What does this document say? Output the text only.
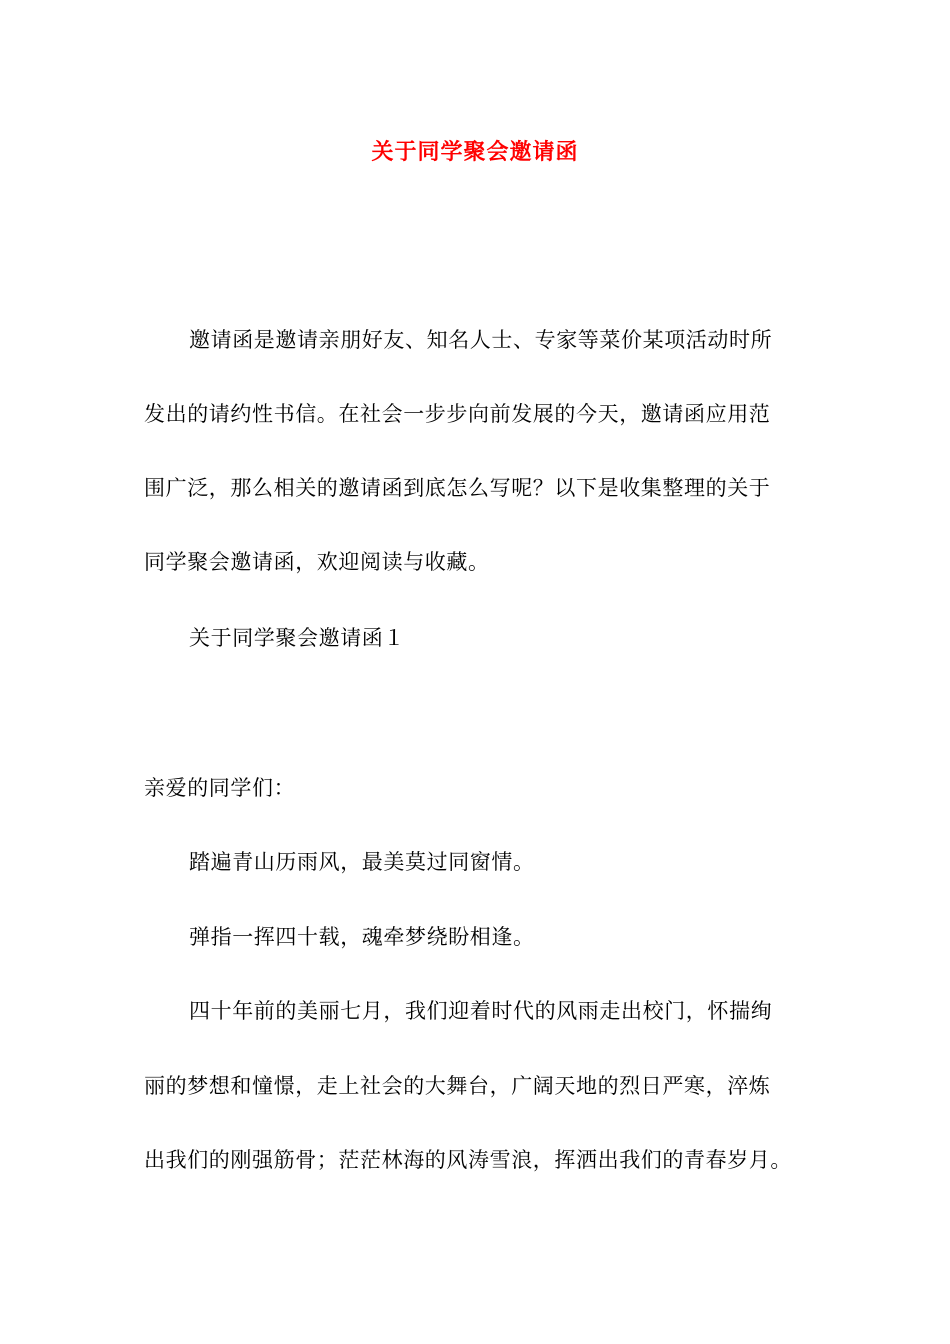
关于同学聚会邀请函
邀请函是邀请亲朋好友、知名人士、专家等菜价某项活动时所
发出的请约性书信。在社会一步步向前发展的今天，邀请函应用范
围广泛，那么相关的邀请函到底怎么写呢？以下是收集整理的关于
同学聚会邀请函，欢迎阅读与收藏。
关于同学聚会邀请函１
亲爱的同学们：
踏遍青山历雨风，最美莫过同窗情。
弹指一挥四十载，魂牵梦绕盼相逢。
四十年前的美丽七月，我们迎着时代的风雨走出校门，怀揣绚
丽的梦想和憧憬，走上社会的大舞台，广阔天地的烈日严寒，淬炼
出我们的刚强筋骨；茫茫林海的风涛雪浪，挥洒出我们的青春岁月。
